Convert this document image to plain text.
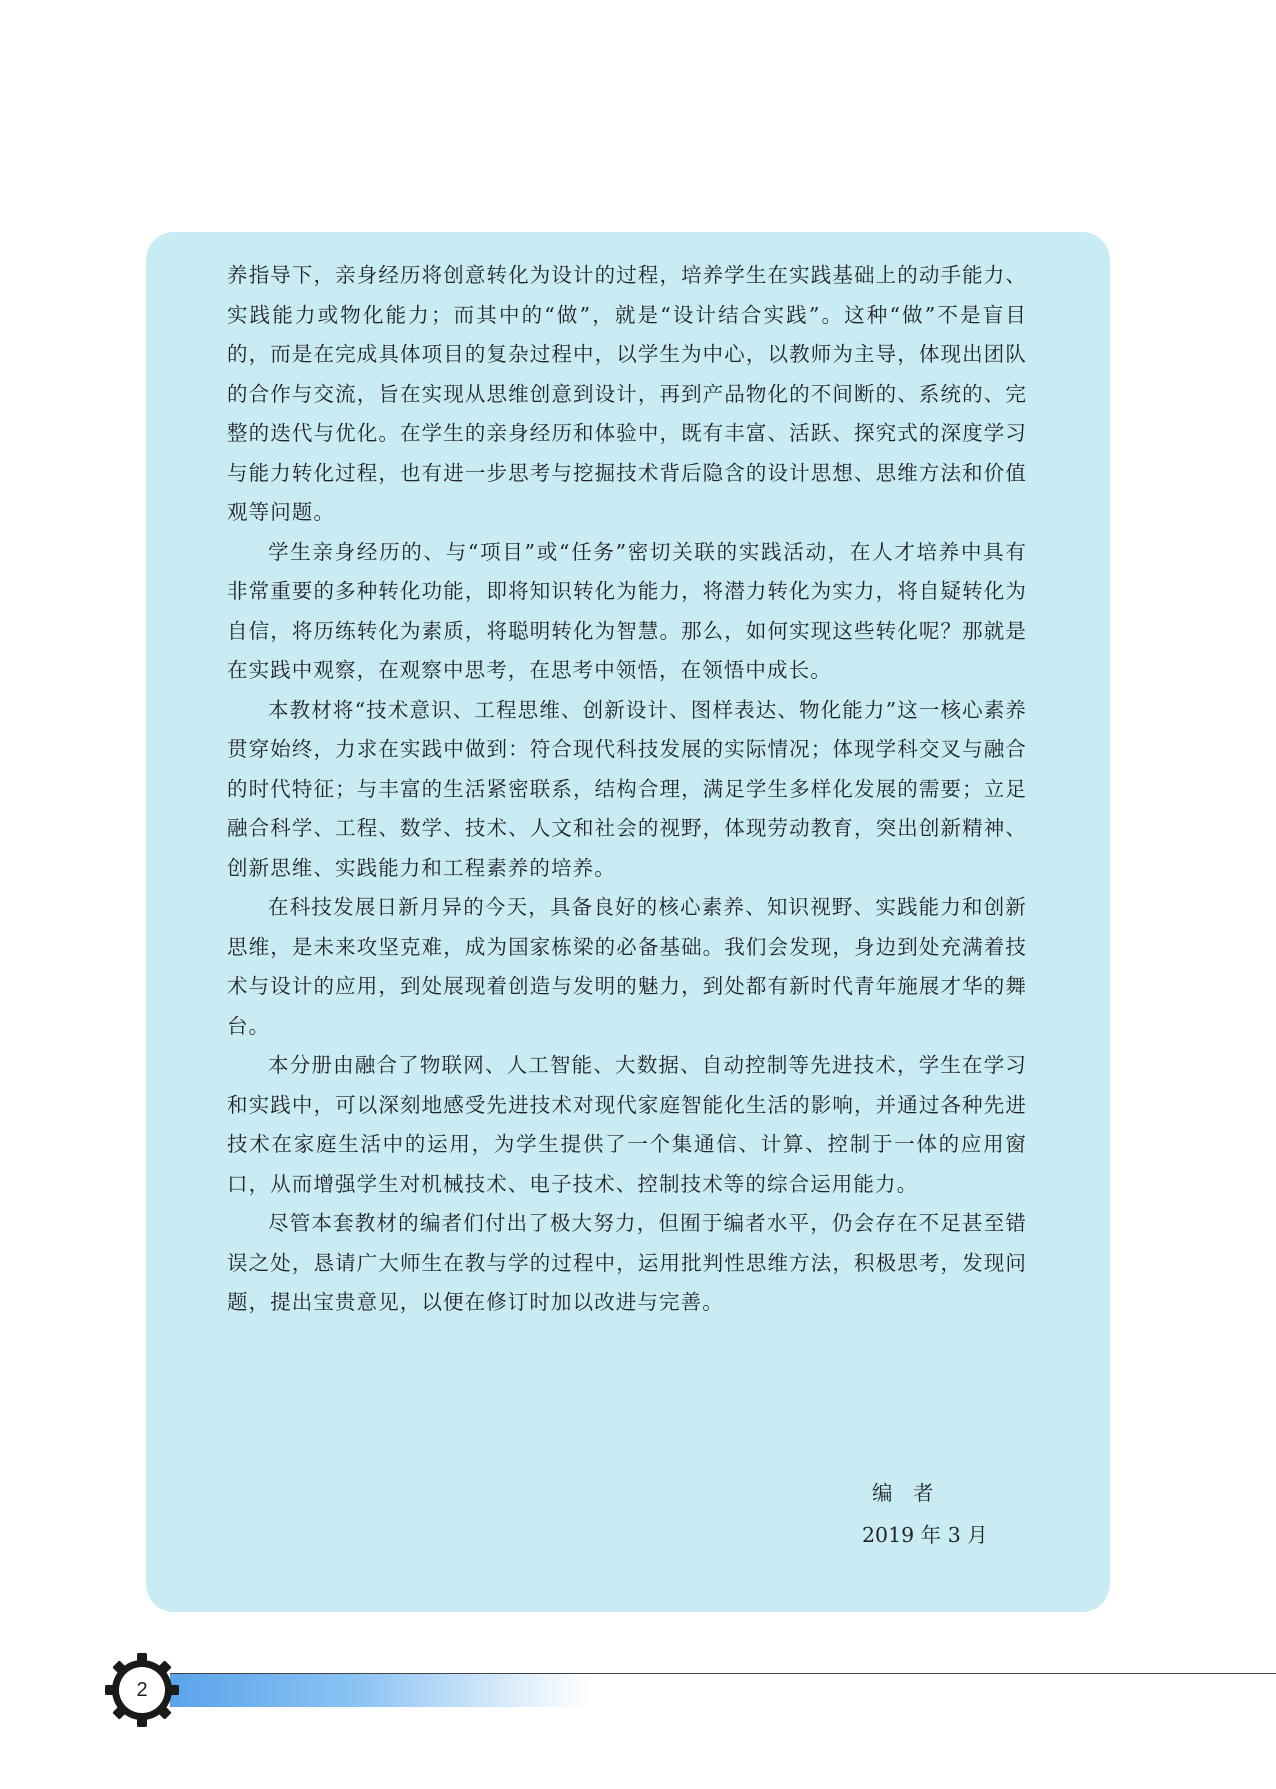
养指导下，亲身经历将创意转化为设计的过程，培养学生在实践基础上的动手能力、实践能力或物化能力；而其中的“做”，就是“设计结合实践”。这种“做”不是盲目的，而是在完成具体项目的复杂过程中，以学生为中心，以教师为主导，体现出团队的合作与交流，旨在实现从思维创意到设计，再到产品物化的不间断的、系统的、完整的迭代与优化。在学生的亲身经历和体验中，既有丰富、活跃、探究式的深度学习与能力转化过程，也有进一步思考与挖掘技术背后隐含的设计思想、思维方法和价值观等问题。

学生亲身经历的、与“项目”或“任务”密切关联的实践活动，在人才培养中具有非常重要的多种转化功能，即将知识转化为能力，将潜力转化为实力，将自疑转化为自信，将历练转化为素质，将聪明转化为智慧。那么，如何实现这些转化呢？那就是在实践中观察，在观察中思考，在思考中领悟，在领悟中成长。

本教材将“技术意识、工程思维、创新设计、图样表达、物化能力”这一核心素养贯穿始终，力求在实践中做到：符合现代科技发展的实际情况；体现学科交叉与融合的时代特征；与丰富的生活紧密联系，结构合理，满足学生多样化发展的需要；立足融合科学、工程、数学、技术、人文和社会的视野，体现劳动教育，突出创新精神、创新思维、实践能力和工程素养的培养。

在科技发展日新月异的今天，具备良好的核心素养、知识视野、实践能力和创新思维，是未来攻坚克难，成为国家栋梁的必备基础。我们会发现，身边到处充满着技术与设计的应用，到处展现着创造与发明的魅力，到处都有新时代青年施展才华的舞台。

本分册由融合了物联网、人工智能、大数据、自动控制等先进技术，学生在学习和实践中，可以深刻地感受先进技术对现代家庭智能化生活的影响，并通过各种先进技术在家庭生活中的运用，为学生提供了一个集通信、计算、控制于一体的应用窗口，从而增强学生对机械技术、电子技术、控制技术等的综合运用能力。

尽管本套教材的编者们付出了极大努力，但囿于编者水平，仍会存在不足甚至错误之处，恳请广大师生在教与学的过程中，运用批判性思维方法，积极思考，发现问题，提出宝贵意见，以便在修订时加以改进与完善。

编　者
2019 年 3 月
2
